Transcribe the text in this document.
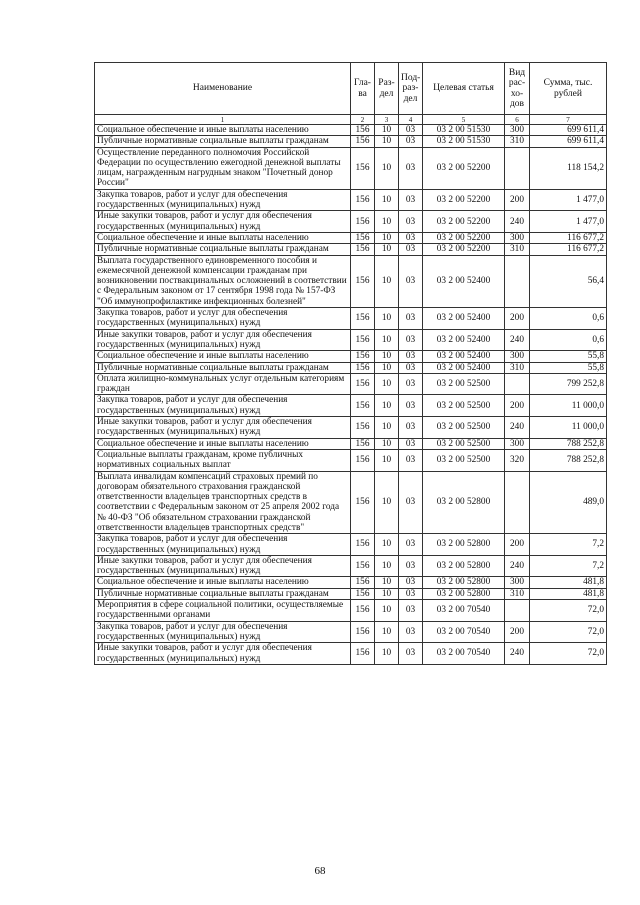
Наименование	Гла-ва	Раз-дел	Под-раз-дел	Целевая статья	Вид рас-хо-дов	Сумма, тыс. рублей
1	2	3	4	5	6	7
Социальное обеспечение и иные выплаты населению	156	10	03	03 2 00 51530	300	699 611,4
Публичные нормативные социальные выплаты гражданам	156	10	03	03 2 00 51530	310	699 611,4
Осуществление переданного полномочия Российской Федерации по осуществлению ежегодной денежной выплаты лицам, награжденным нагрудным знаком "Почетный донор России"	156	10	03	03 2 00 52200		118 154,2
Закупка товаров, работ и услуг для обеспечения государственных (муниципальных) нужд	156	10	03	03 2 00 52200	200	1 477,0
Иные закупки товаров, работ и услуг для обеспечения государственных (муниципальных) нужд	156	10	03	03 2 00 52200	240	1 477,0
Социальное обеспечение и иные выплаты населению	156	10	03	03 2 00 52200	300	116 677,2
Публичные нормативные социальные выплаты гражданам	156	10	03	03 2 00 52200	310	116 677,2
Выплата государственного единовременного пособия и ежемесячной денежной компенсации гражданам при возникновении поствакцинальных осложнений в соответствии с Федеральным законом от 17 сентября 1998 года № 157-ФЗ "Об иммунопрофилактике инфекционных болезней"	156	10	03	03 2 00 52400		56,4
Закупка товаров, работ и услуг для обеспечения государственных (муниципальных) нужд	156	10	03	03 2 00 52400	200	0,6
Иные закупки товаров, работ и услуг для обеспечения государственных (муниципальных) нужд	156	10	03	03 2 00 52400	240	0,6
Социальное обеспечение и иные выплаты населению	156	10	03	03 2 00 52400	300	55,8
Публичные нормативные социальные выплаты гражданам	156	10	03	03 2 00 52400	310	55,8
Оплата жилищно-коммунальных услуг отдельным категориям граждан	156	10	03	03 2 00 52500		799 252,8
Закупка товаров, работ и услуг для обеспечения государственных (муниципальных) нужд	156	10	03	03 2 00 52500	200	11 000,0
Иные закупки товаров, работ и услуг для обеспечения государственных (муниципальных) нужд	156	10	03	03 2 00 52500	240	11 000,0
Социальное обеспечение и иные выплаты населению	156	10	03	03 2 00 52500	300	788 252,8
Социальные выплаты гражданам, кроме публичных нормативных социальных выплат	156	10	03	03 2 00 52500	320	788 252,8
Выплата инвалидам компенсаций страховых премий по договорам обязательного страхования гражданской ответственности владельцев транспортных средств в соответствии с Федеральным законом от 25 апреля 2002 года № 40-ФЗ "Об обязательном страховании гражданской ответственности владельцев транспортных средств"	156	10	03	03 2 00 52800		489,0
Закупка товаров, работ и услуг для обеспечения государственных (муниципальных) нужд	156	10	03	03 2 00 52800	200	7,2
Иные закупки товаров, работ и услуг для обеспечения государственных (муниципальных) нужд	156	10	03	03 2 00 52800	240	7,2
Социальное обеспечение и иные выплаты населению	156	10	03	03 2 00 52800	300	481,8
Публичные нормативные социальные выплаты гражданам	156	10	03	03 2 00 52800	310	481,8
Мероприятия в сфере социальной политики, осуществляемые государственными органами	156	10	03	03 2 00 70540		72,0
Закупка товаров, работ и услуг для обеспечения государственных (муниципальных) нужд	156	10	03	03 2 00 70540	200	72,0
Иные закупки товаров, работ и услуг для обеспечения государственных (муниципальных) нужд	156	10	03	03 2 00 70540	240	72,0
68
